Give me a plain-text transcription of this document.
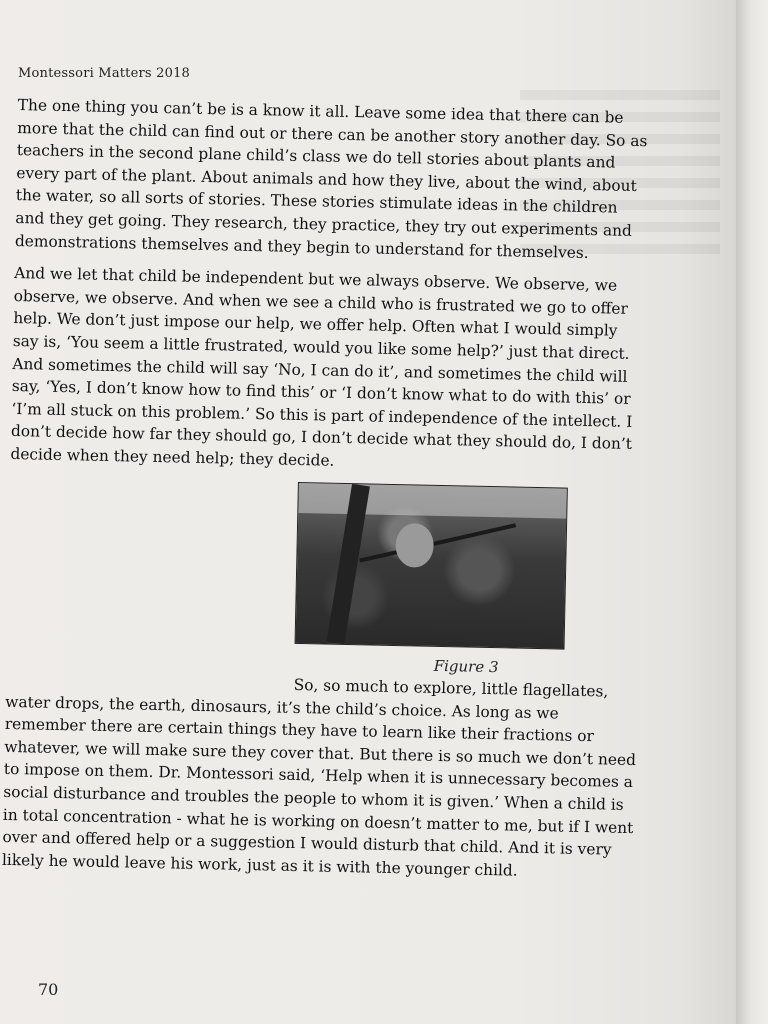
Montessori Matters 2018

The one thing you can’t be is a know it all. Leave some idea that there can be more that the child can find out or there can be another story another day. So as teachers in the second plane child’s class we do tell stories about plants and every part of the plant. About animals and how they live, about the wind, about the water, so all sorts of stories. These stories stimulate ideas in the children and they get going. They research, they practice, they try out experiments and demonstrations themselves and they begin to understand for themselves.

And we let that child be independent but we always observe. We observe, we observe, we observe. And when we see a child who is frustrated we go to offer help. We don’t just impose our help, we offer help. Often what I would simply say is, ‘You seem a little frustrated, would you like some help?’ just that direct. And sometimes the child will say ‘No, I can do it’, and sometimes the child will say, ‘Yes, I don’t know how to find this’ or ‘I don’t know what to do with this’ or ‘I’m all stuck on this problem.’ So this is part of independence of the intellect. I don’t decide how far they should go, I don’t decide what they should do, I don’t decide when they need help; they decide.

Figure 3
So, so much to explore, little flagellates, water drops, the earth, dinosaurs, it’s the child’s choice. As long as we remember there are certain things they have to learn like their fractions or whatever, we will make sure they cover that. But there is so much we don’t need to impose on them. Dr. Montessori said, ‘Help when it is unnecessary becomes a social disturbance and troubles the people to whom it is given.’ When a child is in total concentration - what he is working on doesn’t matter to me, but if I went over and offered help or a suggestion I would disturb that child. And it is very likely he would leave his work, just as it is with the younger child.

70
